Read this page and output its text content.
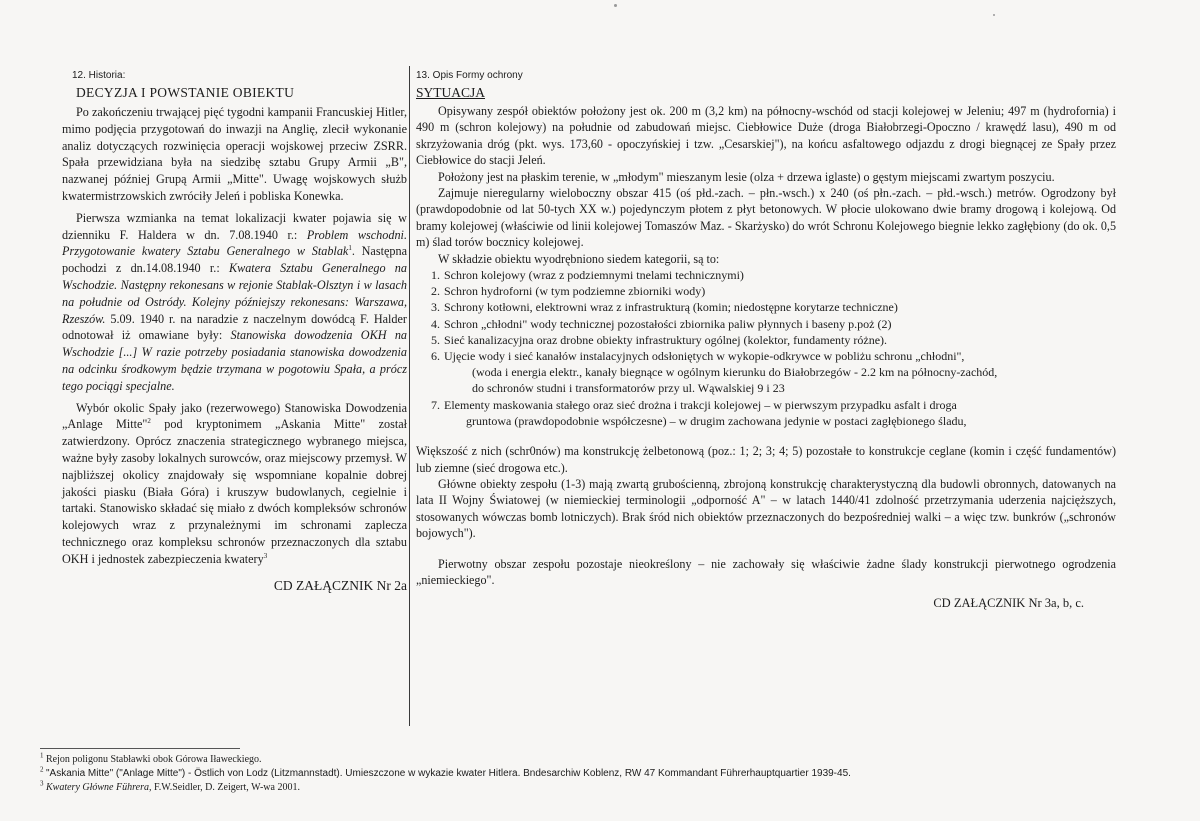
12. Historia:
DECYZJA I POWSTANIE OBIEKTU

Po zakończeniu trwającej pięć tygodni kampanii Francuskiej Hitler, mimo podjęcia przygotowań do inwazji na Anglię, zlecił wykonanie analiz dotyczących rozwinięcia operacji wojskowej przeciw ZSRR. Spała przewidziana była na siedzibę sztabu Grupy Armii „B", nazwanej później Grupą Armii „Mitte". Uwagę wojskowych służb kwatermistrzowskich zwróciły Jeleń i pobliska Konewka.

Pierwsza wzmianka na temat lokalizacji kwater pojawia się w dzienniku F. Haldera w dn. 7.08.1940 r.: Problem wschodni. Przygotowanie kwatery Sztabu Generalnego w Stablak$^1$. Następna pochodzi z dn.14.08.1940 r.: Kwatera Sztabu Generalnego na Wschodzie. Następny rekonesans w rejonie Stablak-Olsztyn i w lasach na południe od Ostródy. Kolejny późniejszy rekonesans: Warszawa, Rzeszów. 5.09. 1940 r. na naradzie z naczelnym dowódcą F. Halder odnotował iż omawiane były: Stanowiska dowodzenia OKH na Wschodzie [...] W razie potrzeby posiadania stanowiska dowodzenia na odcinku środkowym będzie trzymana w pogotowiu Spała, a prócz tego pociągi specjalne.

Wybór okolic Spały jako (rezerwowego) Stanowiska Dowodzenia „Anlage Mitte"$^2$ pod kryptonimem „Askania Mitte" został zatwierdzony. Oprócz znaczenia strategicznego wybranego miejsca, ważne były zasoby lokalnych surowców, oraz miejscowy przemysł. W najbliższej okolicy znajdowały się wspomniane kopalnie dobrej jakości piasku (Biała Góra) i kruszyw budowlanych, cegielnie i tartaki. Stanowisko składać się miało z dwóch kompleksów schronów kolejowych wraz z przynależnymi im schronami zaplecza technicznego oraz kompleksu schronów przeznaczonych dla sztabu OKH i jednostek zabezpieczenia kwatery$^3$

CD ZAŁĄCZNIK Nr 2a
13. Opis Formy ochrony
SYTUACJA

Opisywany zespół obiektów położony jest ok. 200 m (3,2 km) na północny-wschód od stacji kolejowej w Jeleniu; 497 m (hydrofornia) i 490 m (schron kolejowy) na południe od zabudowań miejsc. Ciebłowice Duże (droga Białobrzegi-Opoczno / krawędź lasu), 490 m od skrzyżowania dróg (pkt. wys. 173,60 - opoczyńskiej i tzw. „Cesarskiej"), na końcu asfaltowego odjazdu z drogi biegnącej ze Spały przez Ciebłowice do stacji Jeleń.

Położony jest na płaskim terenie, w „młodym" mieszanym lesie (olza + drzewa iglaste) o gęstym miejscami zwartym poszyciu.

Zajmuje nieregularny wieloboczny obszar 415 (oś płd.-zach. – płn.-wsch.) x 240 (oś płn.-zach. – płd.-wsch.) metrów. Ogrodzony był (prawdopodobnie od lat 50-tych XX w.) pojedynczym płotem z płyt betonowych. W płocie ulokowano dwie bramy drogową i kolejową. Od bramy kolejowej (właściwie od linii kolejowej Tomaszów Maz. - Skarżysko) do wrót Schronu Kolejowego biegnie lekko zagłębiony (do ok. 0,5 m) ślad torów bocznicy kolejowej.

W składzie obiektu wyodrębniono siedem kategorii, są to:

1. Schron kolejowy (wraz z podziemnymi tnelami technicznymi)
2. Schron hydroforni (w tym podziemne zbiorniki wody)
3. Schrony kotłowni, elektrowni wraz z infrastrukturą (komin; niedostępne korytarze techniczne)
4. Schron „chłodni" wody technicznej pozostałości zbiornika paliw płynnych i baseny p.poż (2)
5. Sieć kanalizacyjna oraz drobne obiekty infrastruktury ogólnej (kolektor, fundamenty różne).
6. Ujęcie wody i sieć kanałów instalacyjnych odsłoniętych w wykopie-odkrywce w pobliżu schronu „chłodni",
(woda i energia elektr., kanały biegnące w ogólnym kierunku do Białobrzegów - 2.2 km na północny-zachód,
do schronów studni i transformatorów przy ul. Wąwalskiej 9 i 23
7. Elementy maskowania stałego oraz sieć drożna i trakcji kolejowej – w pierwszym przypadku asfalt i droga
gruntowa (prawdopodobnie współczesne) – w drugim zachowana jedynie w postaci zagłębionego śladu,

Większość z nich (schr0nów) ma konstrukcję żelbetonową (poz.: 1; 2; 3; 4; 5) pozostałe to konstrukcje ceglane (komin i część fundamentów) lub ziemne (sieć drogowa etc.).

Główne obiekty zespołu (1-3) mają zwartą grubościenną, zbrojoną konstrukcję charakterystyczną dla budowli obronnych, datowanych na lata II Wojny Światowej (w niemieckiej terminologii „odporność A" – w latach 1440/41 zdolność przetrzymania uderzenia najcięższych, stosowanych wówczas bomb lotniczych). Brak śród nich obiektów przeznaczonych do bezpośredniej walki – a więc tzw. bunkrów („schronów bojowych").

Pierwotny obszar zespołu pozostaje nieokreślony – nie zachowały się właściwie żadne ślady konstrukcji pierwotnego ogrodzenia „niemieckiego".

CD ZAŁĄCZNIK Nr 3a, b, c.
$^1$ Rejon poligonu Stabławki obok Górowa Iławeckiego.
$^2$ "Askania Mitte" ("Anlage Mitte") - Östlich von Lodz (Litzmannstadt). Umieszczone w wykazie kwater Hitlera. Bndesarchiw Koblenz, RW 47 Kommandant Führerhauptquartier 1939-45.
$^3$ Kwatery Główne Führera, F.W.Seidler, D. Zeigert, W-wa 2001.
